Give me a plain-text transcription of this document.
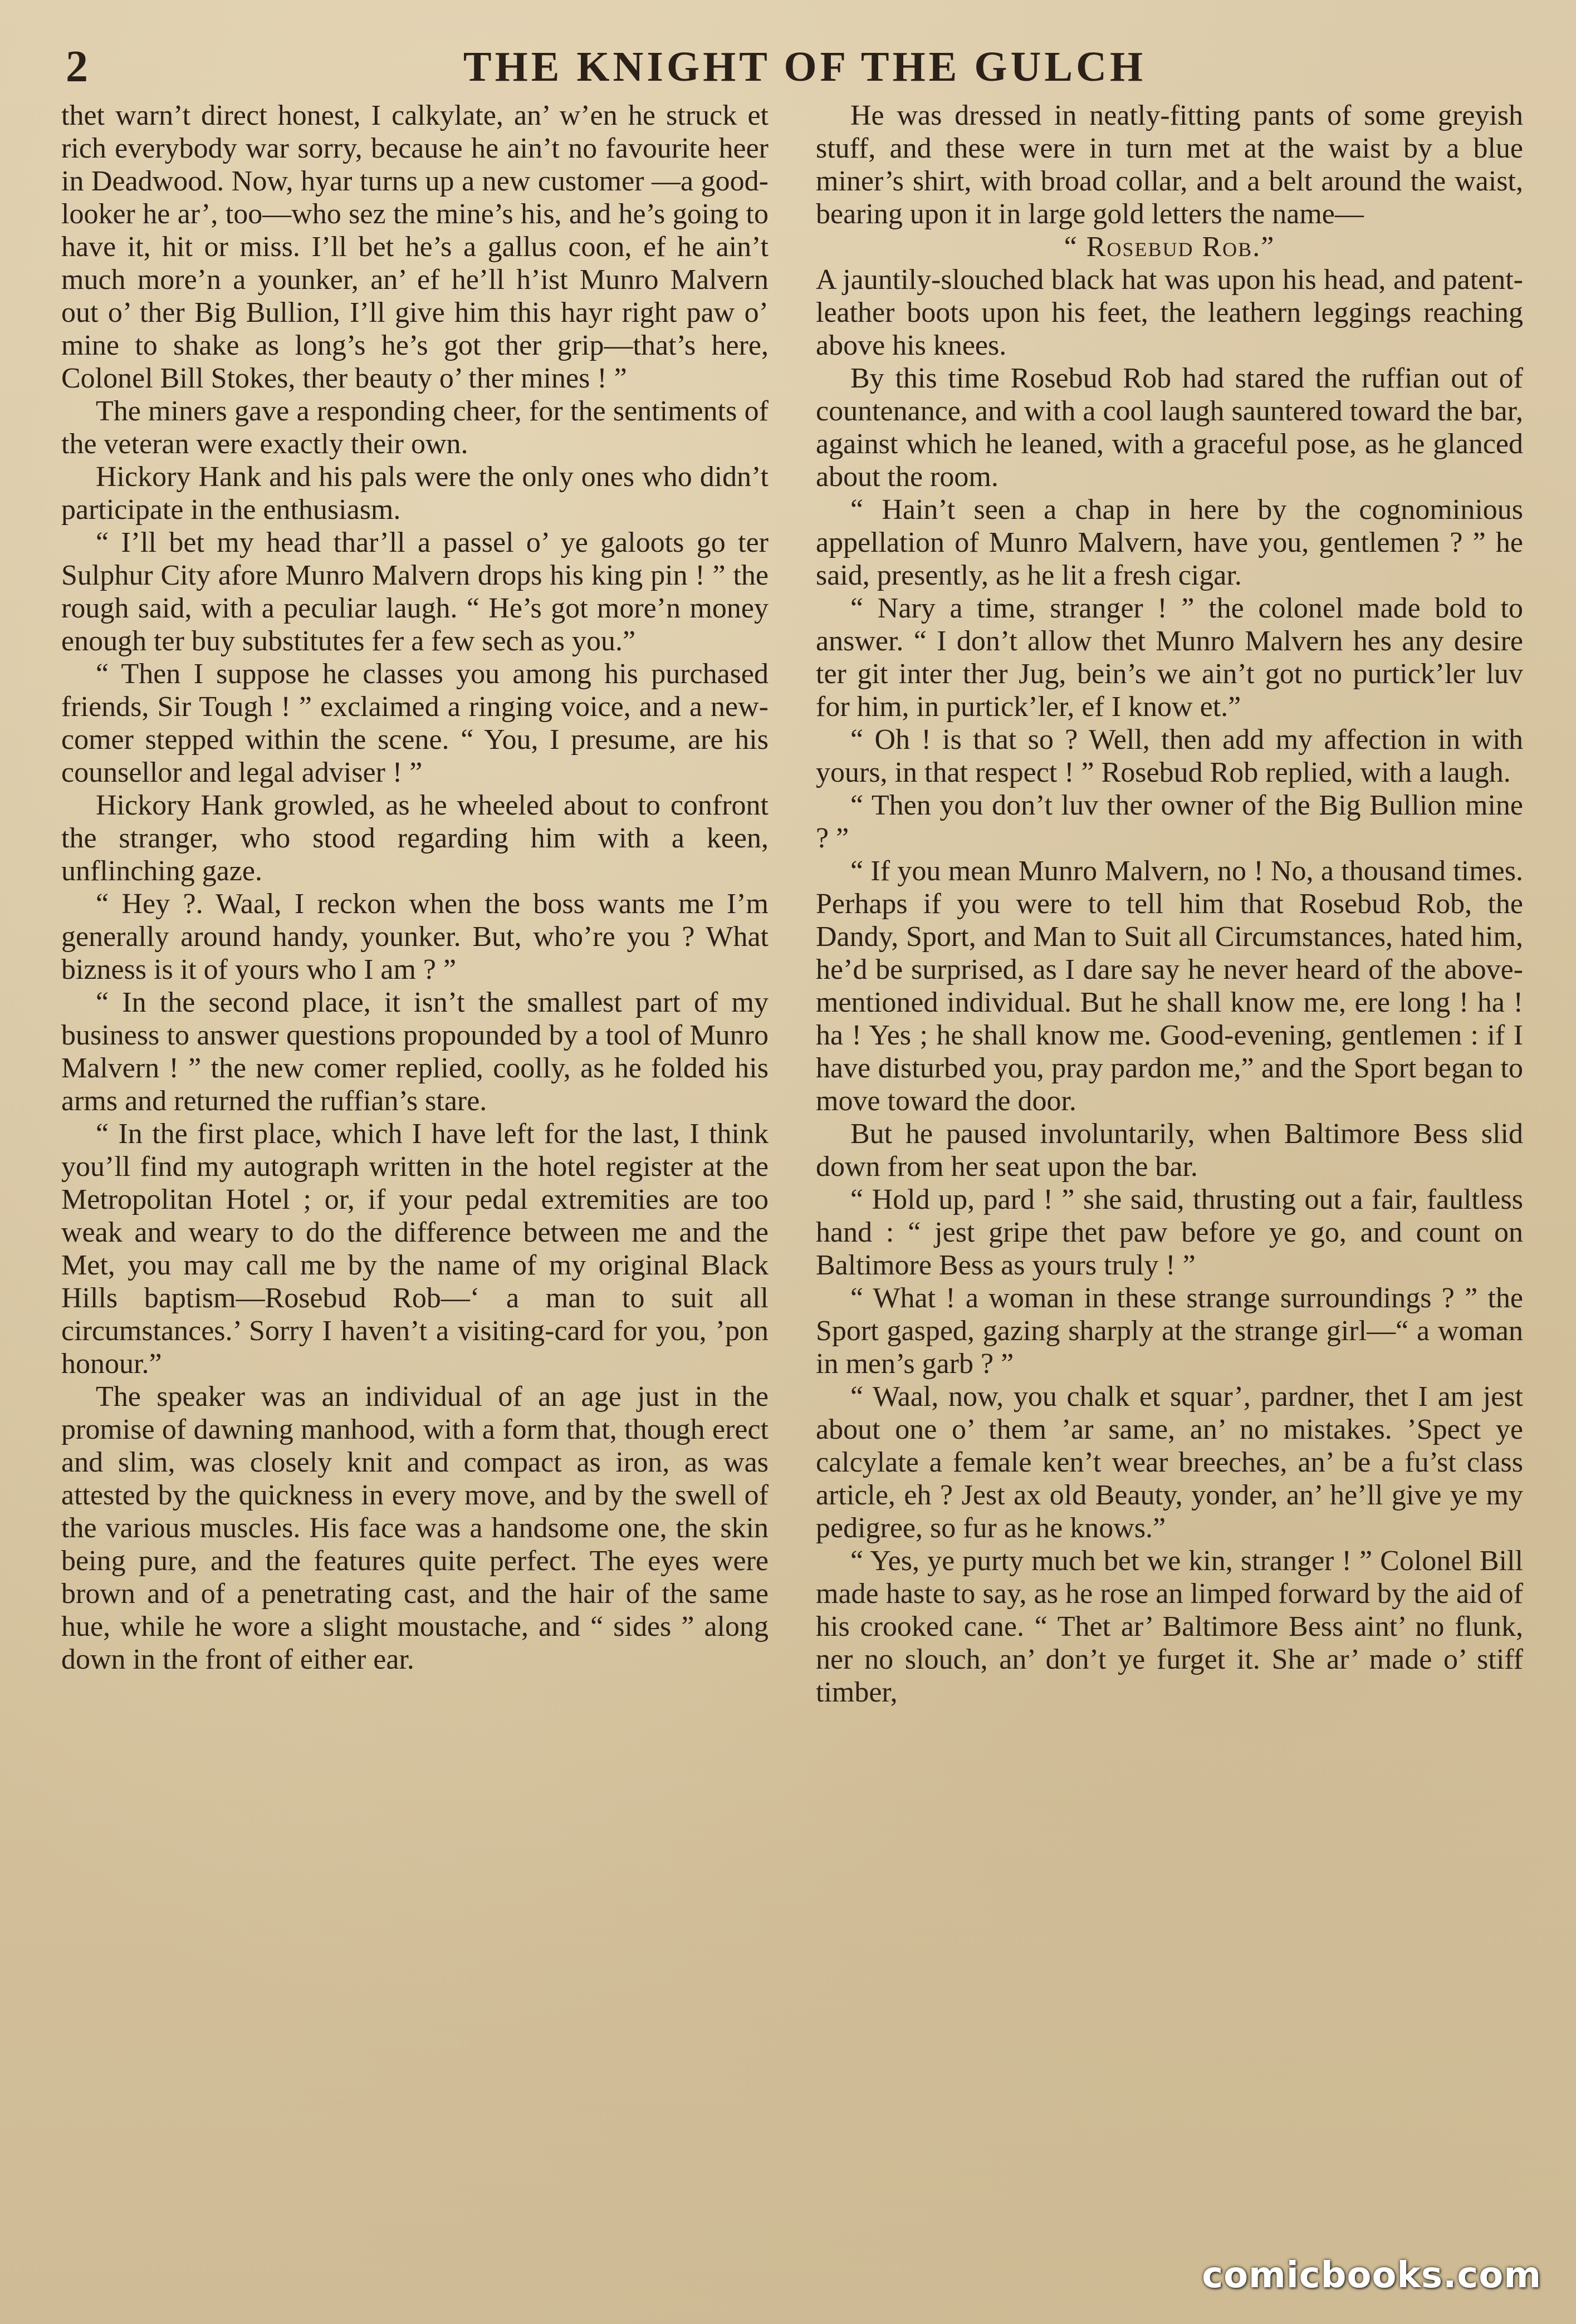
2	THE KNIGHT OF THE GULCH

thet warn’t direct honest, I calkylate, an’ w’en he struck et rich everybody war sorry, because he ain’t no favourite heer in Deadwood. Now, hyar turns up a new customer —a good-looker he ar’, too—who sez the mine’s his, and he’s going to have it, hit or miss. I’ll bet he’s a gallus coon, ef he ain’t much more’n a younker, an’ ef he’ll h’ist Munro Malvern out o’ ther Big Bullion, I’ll give him this hayr right paw o’ mine to shake as long’s he’s got ther grip—that’s here, Colonel Bill Stokes, ther beauty o’ ther mines ! ”

The miners gave a responding cheer, for the sentiments of the veteran were exactly their own.

Hickory Hank and his pals were the only ones who didn’t participate in the enthusiasm.

“ I’ll bet my head thar’ll a passel o’ ye galoots go ter Sulphur City afore Munro Malvern drops his king pin ! ” the rough said, with a peculiar laugh. “ He’s got more’n money enough ter buy substitutes fer a few sech as you.”

“ Then I suppose he classes you among his purchased friends, Sir Tough ! ” exclaimed a ringing voice, and a new-comer stepped within the scene. “ You, I presume, are his counsellor and legal adviser ! ”

Hickory Hank growled, as he wheeled about to confront the stranger, who stood regarding him with a keen, unflinching gaze.

“ Hey ?. Waal, I reckon when the boss wants me I’m generally around handy, younker. But, who’re you ? What bizness is it of yours who I am ? ”

“ In the second place, it isn’t the smallest part of my business to answer questions propounded by a tool of Munro Malvern ! ” the new comer replied, coolly, as he folded his arms and returned the ruffian’s stare.

“ In the first place, which I have left for the last, I think you’ll find my autograph written in the hotel register at the Metropolitan Hotel ; or, if your pedal extremities are too weak and weary to do the difference between me and the Met, you may call me by the name of my original Black Hills baptism—Rosebud Rob—‘ a man to suit all circumstances.’ Sorry I haven’t a visiting-card for you, ’pon honour.”

The speaker was an individual of an age just in the promise of dawning manhood, with a form that, though erect and slim, was closely knit and compact as iron, as was attested by the quickness in every move, and by the swell of the various muscles. His face was a handsome one, the skin being pure, and the features quite perfect. The eyes were brown and of a penetrating cast, and the hair of the same hue, while he wore a slight moustache, and “ sides ” along down in the front of either ear.

He was dressed in neatly-fitting pants of some greyish stuff, and these were in turn met at the waist by a blue miner’s shirt, with broad collar, and a belt around the waist, bearing upon it in large gold letters the name—

“ Rosebud Rob.”

A jauntily-slouched black hat was upon his head, and patent-leather boots upon his feet, the leathern leggings reaching above his knees.

By this time Rosebud Rob had stared the ruffian out of countenance, and with a cool laugh sauntered toward the bar, against which he leaned, with a graceful pose, as he glanced about the room.

“ Hain’t seen a chap in here by the cognominious appellation of Munro Malvern, have you, gentlemen ? ” he said, presently, as he lit a fresh cigar.

“ Nary a time, stranger ! ” the colonel made bold to answer. “ I don’t allow thet Munro Malvern hes any desire ter git inter ther Jug, bein’s we ain’t got no purtick’ler luv for him, in purtick’ler, ef I know et.”

“ Oh ! is that so ? Well, then add my affection in with yours, in that respect ! ” Rosebud Rob replied, with a laugh.

“ Then you don’t luv ther owner of the Big Bullion mine ? ”

“ If you mean Munro Malvern, no ! No, a thousand times. Perhaps if you were to tell him that Rosebud Rob, the Dandy, Sport, and Man to Suit all Circumstances, hated him, he’d be surprised, as I dare say he never heard of the above-mentioned individual. But he shall know me, ere long ! ha ! ha ! Yes ; he shall know me. Good-evening, gentlemen : if I have disturbed you, pray pardon me,” and the Sport began to move toward the door.

But he paused involuntarily, when Baltimore Bess slid down from her seat upon the bar.

“ Hold up, pard ! ” she said, thrusting out a fair, faultless hand : “ jest gripe thet paw before ye go, and count on Baltimore Bess as yours truly ! ”

“ What ! a woman in these strange surroundings ? ” the Sport gasped, gazing sharply at the strange girl—“ a woman in men’s garb ? ”

“ Waal, now, you chalk et squar’, pardner, thet I am jest about one o’ them ’ar same, an’ no mistakes. ’Spect ye calcylate a female ken’t wear breeches, an’ be a fu’st class article, eh ? Jest ax old Beauty, yonder, an’ he’ll give ye my pedigree, so fur as he knows.”

“ Yes, ye purty much bet we kin, stranger ! ” Colonel Bill made haste to say, as he rose an limped forward by the aid of his crooked cane. “ Thet ar’ Baltimore Bess aint’ no flunk, ner no slouch, an’ don’t ye furget it. She ar’ made o’ stiff timber,

comicbooks.com
